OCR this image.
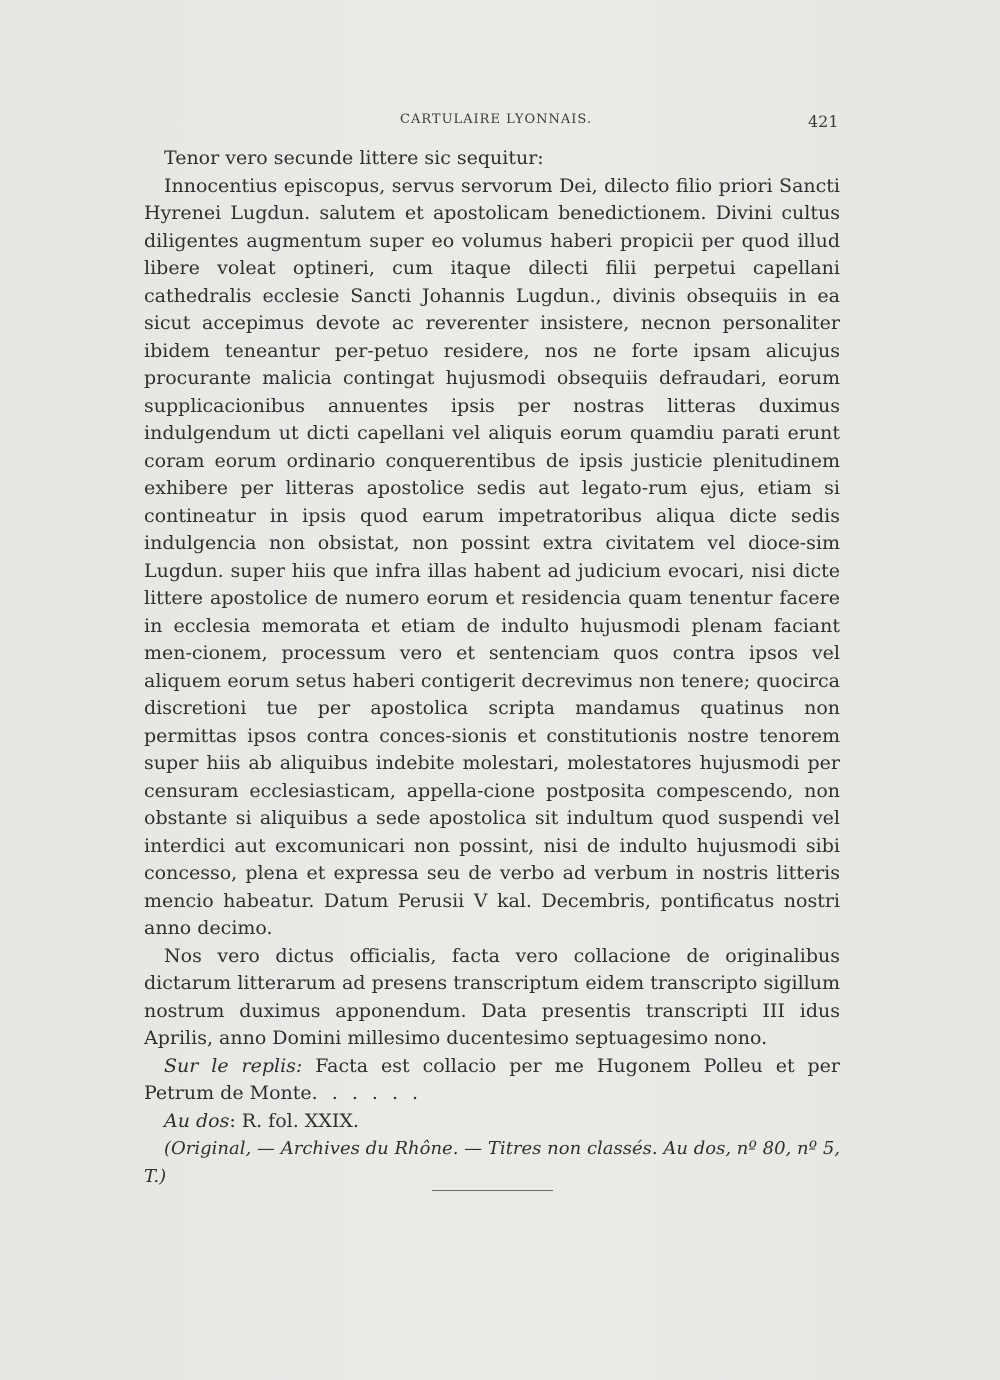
CARTULAIRE LYONNAIS.	421

Tenor vero secunde littere sic sequitur:

Innocentius episcopus, servus servorum Dei, dilecto filio priori Sancti Hyrenei Lugdun. salutem et apostolicam benedictionem. Divini cultus diligentes augmentum super eo volumus haberi propicii per quod illud libere voleat optineri, cum itaque dilecti filii perpetui capellani cathedralis ecclesie Sancti Johannis Lugdun., divinis obsequiis in ea sicut accepimus devote ac reverenter insistere, necnon personaliter ibidem teneantur per-petuo residere, nos ne forte ipsam alicujus procurante malicia contingat hujusmodi obsequiis defraudari, eorum supplicacionibus annuentes ipsis per nostras litteras duximus indulgendum ut dicti capellani vel aliquis eorum quamdiu parati erunt coram eorum ordinario conquerentibus de ipsis justicie plenitudinem exhibere per litteras apostolice sedis aut legato-rum ejus, etiam si contineatur in ipsis quod earum impetratoribus aliqua dicte sedis indulgencia non obsistat, non possint extra civitatem vel dioce-sim Lugdun. super hiis que infra illas habent ad judicium evocari, nisi dicte littere apostolice de numero eorum et residencia quam tenentur facere in ecclesia memorata et etiam de indulto hujusmodi plenam faciant men-cionem, processum vero et sentenciam quos contra ipsos vel aliquem eorum setus haberi contigerit decrevimus non tenere; quocirca discretioni tue per apostolica scripta mandamus quatinus non permittas ipsos contra conces-sionis et constitutionis nostre tenorem super hiis ab aliquibus indebite molestari, molestatores hujusmodi per censuram ecclesiasticam, appella-cione postposita compescendo, non obstante si aliquibus a sede apostolica sit indultum quod suspendi vel interdici aut excomunicari non possint, nisi de indulto hujusmodi sibi concesso, plena et expressa seu de verbo ad verbum in nostris litteris mencio habeatur. Datum Perusii V kal. Decembris, pontificatus nostri anno decimo.

Nos vero dictus officialis, facta vero collacione de originalibus dictarum litterarum ad presens transcriptum eidem transcripto sigillum nostrum duximus apponendum. Data presentis transcripti III idus Aprilis, anno Domini millesimo ducentesimo septuagesimo nono.

Sur le replis: Facta est collacio per me Hugonem Polleu et per Petrum de Monte. . . . . .

Au dos: R. fol. XXIX.

(Original, — Archives du Rhône. — Titres non classés. Au dos, nº 80, nº 5, T.)
